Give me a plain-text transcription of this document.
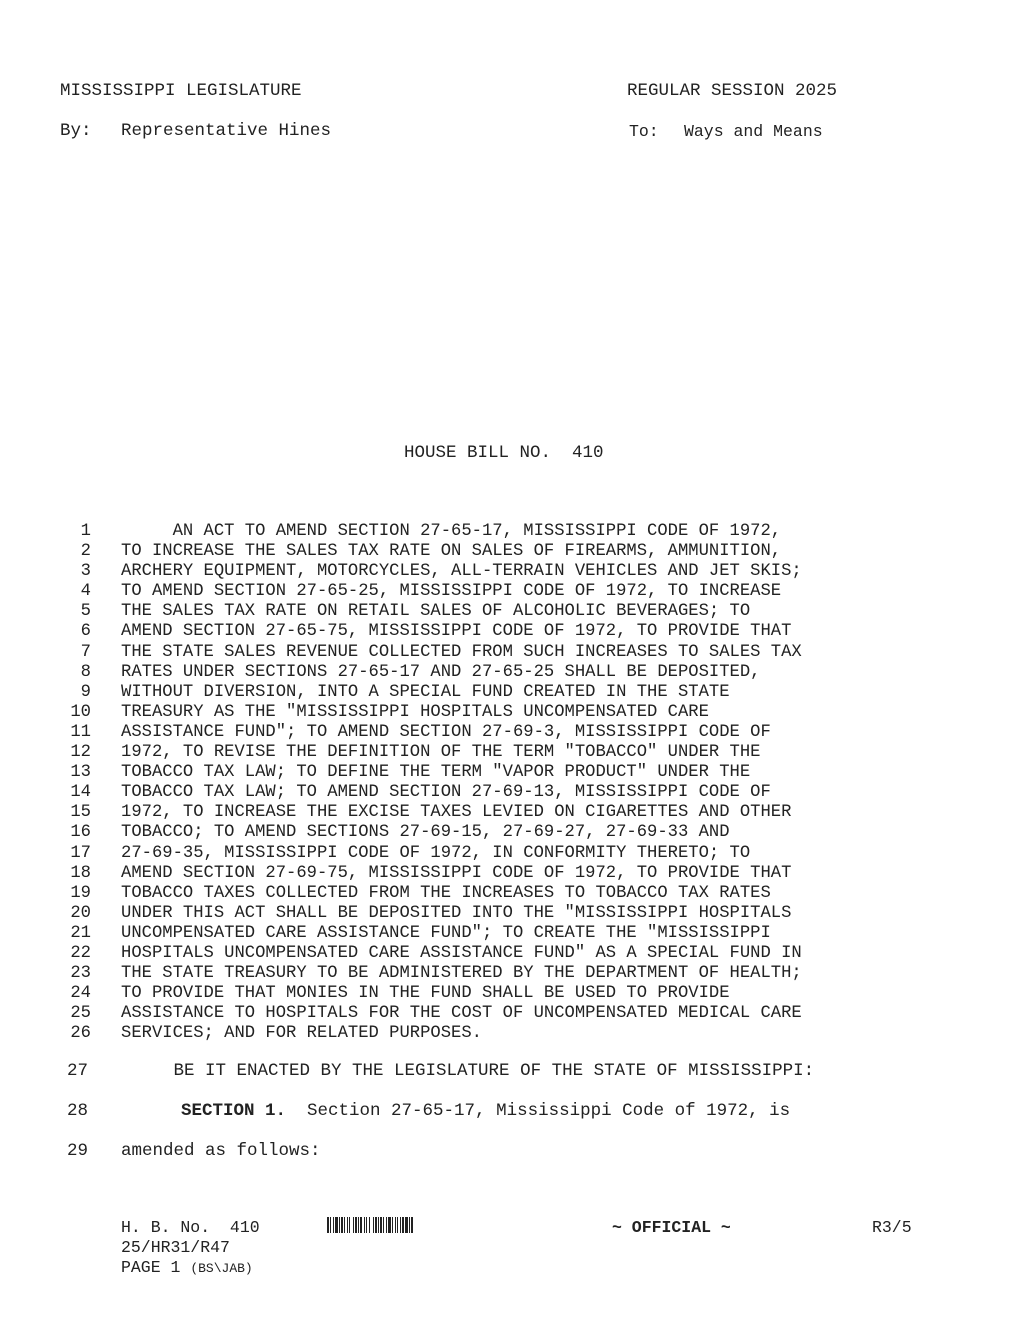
MISSISSIPPI LEGISLATURE	REGULAR SESSION 2025
By: Representative Hines	To: Ways and Means
HOUSE BILL NO.  410
1 AN ACT TO AMEND SECTION 27-65-17, MISSISSIPPI CODE OF 1972,
2 TO INCREASE THE SALES TAX RATE ON SALES OF FIREARMS, AMMUNITION,
3 ARCHERY EQUIPMENT, MOTORCYCLES, ALL-TERRAIN VEHICLES AND JET SKIS;
4 TO AMEND SECTION 27-65-25, MISSISSIPPI CODE OF 1972, TO INCREASE
5 THE SALES TAX RATE ON RETAIL SALES OF ALCOHOLIC BEVERAGES; TO
6 AMEND SECTION 27-65-75, MISSISSIPPI CODE OF 1972, TO PROVIDE THAT
7 THE STATE SALES REVENUE COLLECTED FROM SUCH INCREASES TO SALES TAX
8 RATES UNDER SECTIONS 27-65-17 AND 27-65-25 SHALL BE DEPOSITED,
9 WITHOUT DIVERSION, INTO A SPECIAL FUND CREATED IN THE STATE
10 TREASURY AS THE "MISSISSIPPI HOSPITALS UNCOMPENSATED CARE
11 ASSISTANCE FUND"; TO AMEND SECTION 27-69-3, MISSISSIPPI CODE OF
12 1972, TO REVISE THE DEFINITION OF THE TERM "TOBACCO" UNDER THE
13 TOBACCO TAX LAW; TO DEFINE THE TERM "VAPOR PRODUCT" UNDER THE
14 TOBACCO TAX LAW; TO AMEND SECTION 27-69-13, MISSISSIPPI CODE OF
15 1972, TO INCREASE THE EXCISE TAXES LEVIED ON CIGARETTES AND OTHER
16 TOBACCO; TO AMEND SECTIONS 27-69-15, 27-69-27, 27-69-33 AND
17 27-69-35, MISSISSIPPI CODE OF 1972, IN CONFORMITY THERETO; TO
18 AMEND SECTION 27-69-75, MISSISSIPPI CODE OF 1972, TO PROVIDE THAT
19 TOBACCO TAXES COLLECTED FROM THE INCREASES TO TOBACCO TAX RATES
20 UNDER THIS ACT SHALL BE DEPOSITED INTO THE "MISSISSIPPI HOSPITALS
21 UNCOMPENSATED CARE ASSISTANCE FUND"; TO CREATE THE "MISSISSIPPI
22 HOSPITALS UNCOMPENSATED CARE ASSISTANCE FUND" AS A SPECIAL FUND IN
23 THE STATE TREASURY TO BE ADMINISTERED BY THE DEPARTMENT OF HEALTH;
24 TO PROVIDE THAT MONIES IN THE FUND SHALL BE USED TO PROVIDE
25 ASSISTANCE TO HOSPITALS FOR THE COST OF UNCOMPENSATED MEDICAL CARE
26 SERVICES; AND FOR RELATED PURPOSES.
27 BE IT ENACTED BY THE LEGISLATURE OF THE STATE OF MISSISSIPPI:
28	SECTION 1.  Section 27-65-17, Mississippi Code of 1972, is
29 amended as follows:
H. B. No.  410	~ OFFICIAL ~	R3/5
25/HR31/R47
PAGE 1 (BS\JAB)
